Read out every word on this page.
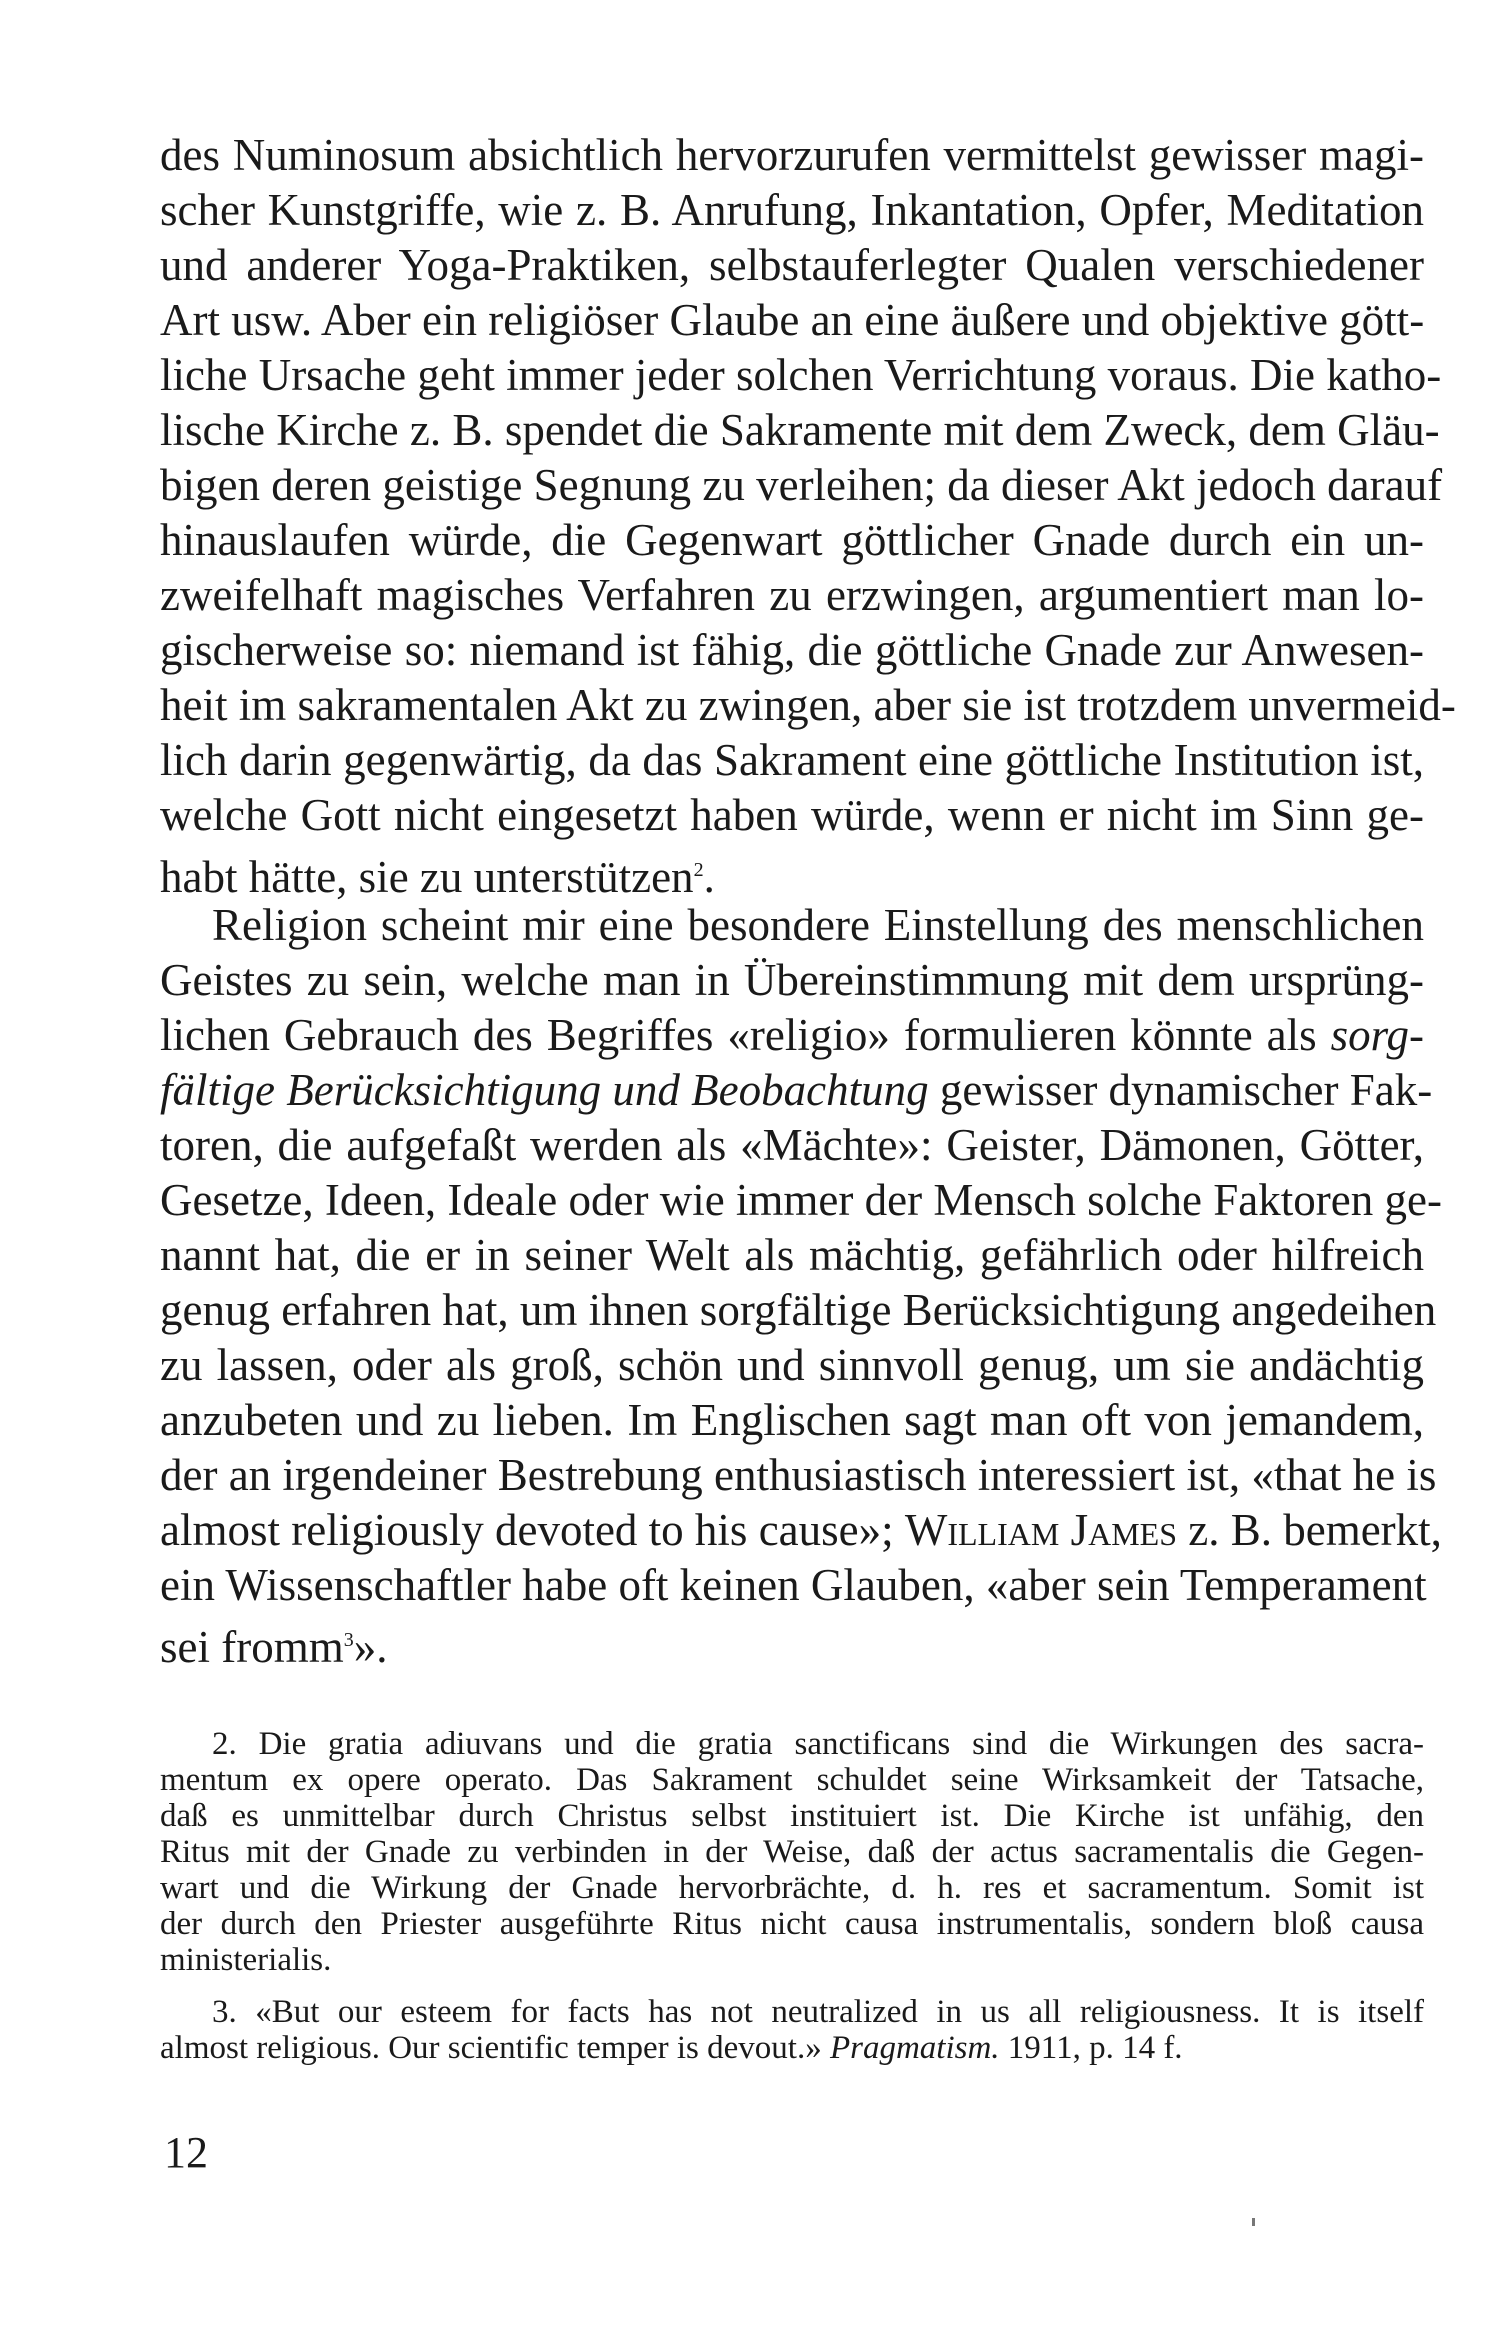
des Numinosum absichtlich hervorzurufen vermittelst gewisser magi-
scher Kunstgriffe, wie z. B. Anrufung, Inkantation, Opfer, Meditation
und anderer Yoga-Praktiken, selbstauferlegter Qualen verschiedener
Art usw. Aber ein religiöser Glaube an eine äußere und objektive gött-
liche Ursache geht immer jeder solchen Verrichtung voraus. Die katho-
lische Kirche z. B. spendet die Sakramente mit dem Zweck, dem Gläu-
bigen deren geistige Segnung zu verleihen; da dieser Akt jedoch darauf
hinauslaufen würde, die Gegenwart göttlicher Gnade durch ein un-
zweifelhaft magisches Verfahren zu erzwingen, argumentiert man lo-
gischerweise so: niemand ist fähig, die göttliche Gnade zur Anwesen-
heit im sakramentalen Akt zu zwingen, aber sie ist trotzdem unvermeid-
lich darin gegenwärtig, da das Sakrament eine göttliche Institution ist,
welche Gott nicht eingesetzt haben würde, wenn er nicht im Sinn ge-
habt hätte, sie zu unterstützen$^2$.
Religion scheint mir eine besondere Einstellung des menschlichen
Geistes zu sein, welche man in Übereinstimmung mit dem ursprüng-
lichen Gebrauch des Begriffes «religio» formulieren könnte als sorg-
fältige Berücksichtigung und Beobachtung gewisser dynamischer Fak-
toren, die aufgefaßt werden als «Mächte»: Geister, Dämonen, Götter,
Gesetze, Ideen, Ideale oder wie immer der Mensch solche Faktoren ge-
nannt hat, die er in seiner Welt als mächtig, gefährlich oder hilfreich
genug erfahren hat, um ihnen sorgfältige Berücksichtigung angedeihen
zu lassen, oder als groß, schön und sinnvoll genug, um sie andächtig
anzubeten und zu lieben. Im Englischen sagt man oft von jemandem,
der an irgendeiner Bestrebung enthusiastisch interessiert ist, «that he is
almost religiously devoted to his cause»; William James z. B. bemerkt,
ein Wissenschaftler habe oft keinen Glauben, «aber sein Temperament
sei fromm$^3$».
2. Die gratia adiuvans und die gratia sanctificans sind die Wirkungen des sacra-
mentum ex opere operato. Das Sakrament schuldet seine Wirksamkeit der Tatsache,
daß es unmittelbar durch Christus selbst instituiert ist. Die Kirche ist unfähig, den
Ritus mit der Gnade zu verbinden in der Weise, daß der actus sacramentalis die Gegen-
wart und die Wirkung der Gnade hervorbrächte, d. h. res et sacramentum. Somit ist
der durch den Priester ausgeführte Ritus nicht causa instrumentalis, sondern bloß causa
ministerialis.
3. «But our esteem for facts has not neutralized in us all religiousness. It is itself
almost religious. Our scientific temper is devout.» Pragmatism. 1911, p. 14 f.
12
